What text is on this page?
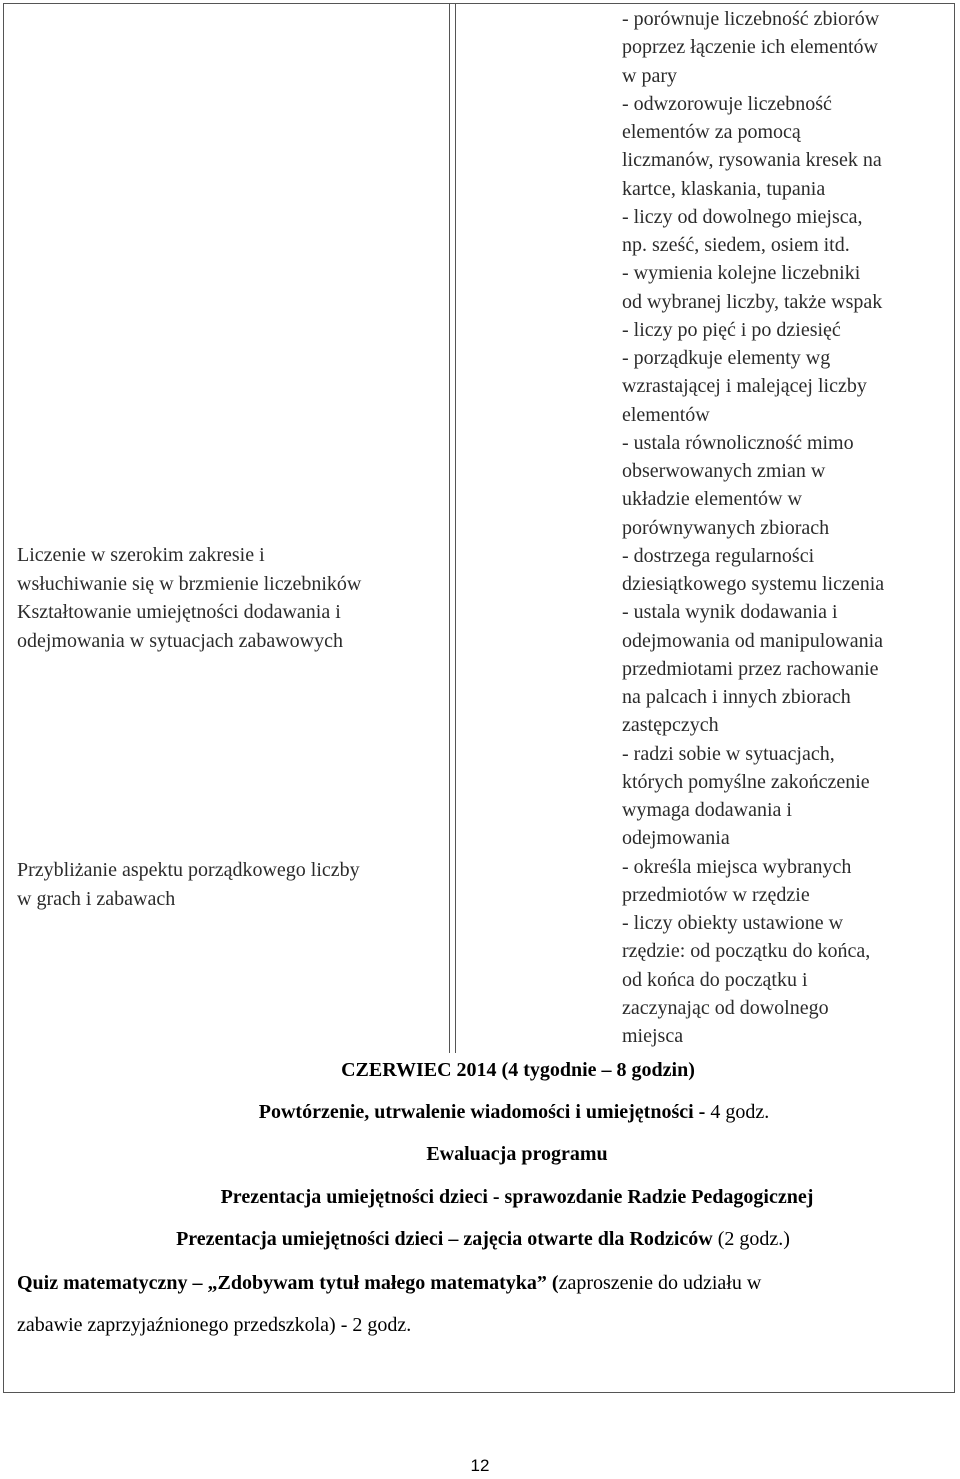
Liczenie w szerokim zakresie i
wsłuchiwanie się w brzmienie liczebników
Kształtowanie umiejętności dodawania i
odejmowania w sytuacjach zabawowych
Przybliżanie aspektu porządkowego liczby
w grach i zabawach
- porównuje liczebność zbiorów
poprzez łączenie ich elementów
w pary
- odwzorowuje liczebność
elementów za pomocą
liczmanów, rysowania kresek na
kartce, klaskania, tupania
- liczy od dowolnego miejsca,
np. sześć, siedem, osiem itd.
- wymienia kolejne liczebniki
od wybranej liczby, także wspak
- liczy po pięć i po dziesięć
- porządkuje elementy wg
wzrastającej i malejącej liczby
elementów
- ustala równoliczność mimo
obserwowanych zmian w
układzie elementów w
porównywanych zbiorach
- dostrzega regularności
dziesiątkowego systemu liczenia
- ustala wynik dodawania i
odejmowania od manipulowania
przedmiotami przez rachowanie
na palcach i innych zbiorach
zastępczych
- radzi sobie w sytuacjach,
których pomyślne zakończenie
wymaga dodawania i
odejmowania
- określa miejsca wybranych
przedmiotów w rzędzie
- liczy obiekty ustawione w
rzędzie: od początku do końca,
od końca do początku i
zaczynając od dowolnego
miejsca
CZERWIEC 2014 (4 tygodnie – 8 godzin)
Powtórzenie, utrwalenie wiadomości i umiejętności - 4 godz.
Ewaluacja programu
Prezentacja umiejętności dzieci - sprawozdanie Radzie Pedagogicznej
Prezentacja umiejętności dzieci – zajęcia otwarte dla Rodziców (2 godz.)
Quiz matematyczny – „Zdobywam tytuł małego matematyka” (zaproszenie do udziału w
zabawie zaprzyjaźnionego przedszkola) - 2 godz.
12
